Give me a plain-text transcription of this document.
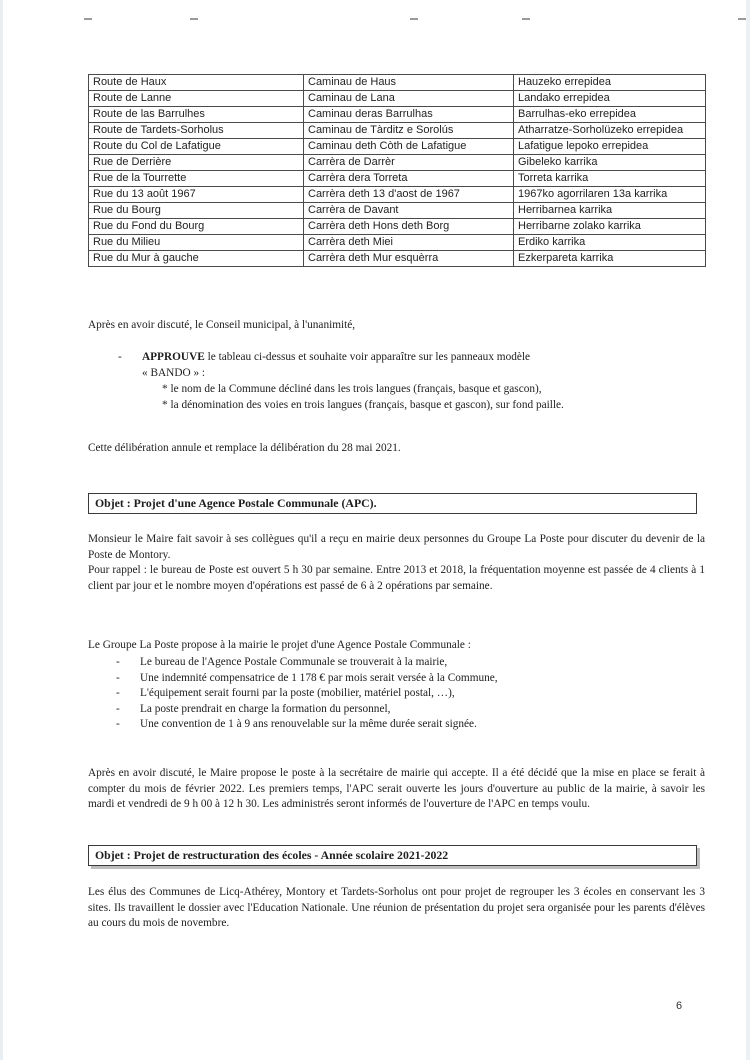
Route de Haux	Caminau de Haus	Hauzeko errepidea
Route de Lanne	Caminau de Lana	Landako errepidea
Route de las Barrulhes	Caminau deras Barrulhas	Barrulhas-eko errepidea
Route de Tardets-Sorholus	Caminau de Tàrditz e Sorolús	Atharratze-Sorholüzeko errepidea
Route du Col de Lafatigue	Caminau deth Còth de Lafatigue	Lafatigue lepoko errepidea
Rue de Derrière	Carrèra de Darrèr	Gibeleko karrika
Rue de la Tourrette	Carrèra dera Torreta	Torreta karrika
Rue du 13 août 1967	Carrèra deth 13 d'aost de 1967	1967ko agorrilaren 13a karrika
Rue du Bourg	Carrèra de Davant	Herribarnea karrika
Rue du Fond du Bourg	Carrèra deth Hons deth Borg	Herribarne zolako karrika
Rue du Milieu	Carrèra deth Miei	Erdiko karrika
Rue du Mur à gauche	Carrèra deth Mur esquèrra	Ezkerpareta karrika

Après en avoir discuté, le Conseil municipal, à l'unanimité,

- APPROUVE le tableau ci-dessus et souhaite voir apparaître sur les panneaux modèle
« BANDO » :
* le nom de la Commune décliné dans les trois langues (français, basque et gascon),
* la dénomination des voies en trois langues (français, basque et gascon), sur fond paille.

Cette délibération annule et remplace la délibération du 28 mai 2021.

Objet : Projet d'une Agence Postale Communale (APC).

Monsieur le Maire fait savoir à ses collègues qu'il a reçu en mairie deux personnes du Groupe La Poste pour discuter du devenir de la Poste de Montory.

Pour rappel : le bureau de Poste est ouvert 5 h 30 par semaine. Entre 2013 et 2018, la fréquentation moyenne est passée de 4 clients à 1 client par jour et le nombre moyen d'opérations est passé de 6 à 2 opérations par semaine.

Le Groupe La Poste propose à la mairie le projet d'une Agence Postale Communale :

- Le bureau de l'Agence Postale Communale se trouverait à la mairie,
- Une indemnité compensatrice de 1 178 € par mois serait versée à la Commune,
- L'équipement serait fourni par la poste (mobilier, matériel postal, …),
- La poste prendrait en charge la formation du personnel,
- Une convention de 1 à 9 ans renouvelable sur la même durée serait signée.

Après en avoir discuté, le Maire propose le poste à la secrétaire de mairie qui accepte. Il a été décidé que la mise en place se ferait à compter du mois de février 2022. Les premiers temps, l'APC serait ouverte les jours d'ouverture au public de la mairie, à savoir les mardi et vendredi de 9 h 00 à 12 h 30. Les administrés seront informés de l'ouverture de l'APC en temps voulu.

Objet : Projet de restructuration des écoles - Année scolaire 2021-2022

Les élus des Communes de Licq-Athérey, Montory et Tardets-Sorholus ont pour projet de regrouper les 3 écoles en conservant les 3 sites. Ils travaillent le dossier avec l'Education Nationale. Une réunion de présentation du projet sera organisée pour les parents d'élèves au cours du mois de novembre.

6
